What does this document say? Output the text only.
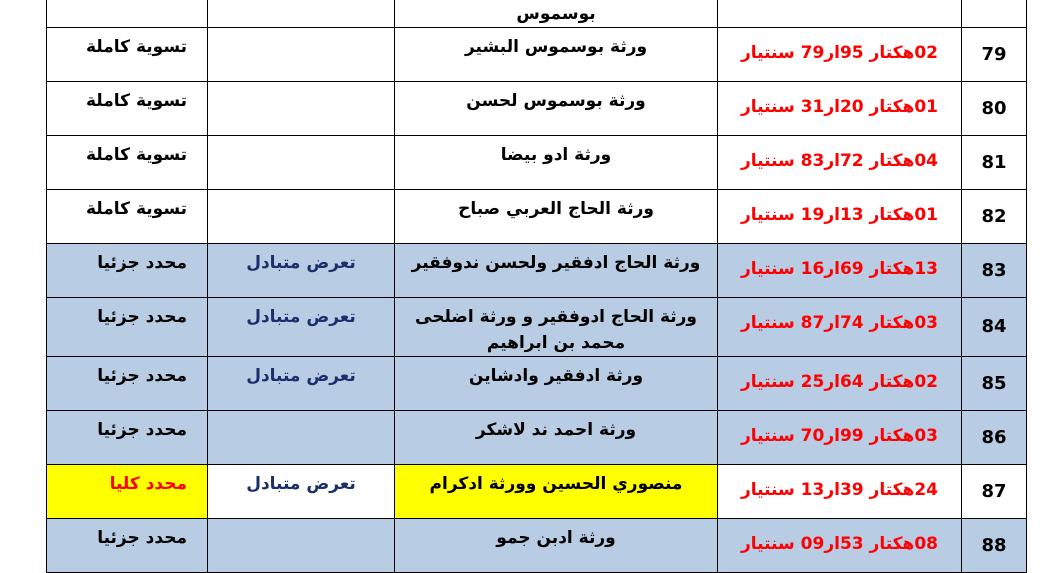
		بوسموس		
تسوية كاملة		ورثة بوسموس البشير	02هكتار 95ار79 سنتيار	79
تسوية كاملة		ورثة بوسموس لحسن	01هكتار 20ار31 سنتيار	80
تسوية كاملة		ورثة ادو بيضا	04هكتار 72ار83 سنتيار	81
تسوية كاملة		ورثة الحاج العربي صباح	01هكتار 13ار19 سنتيار	82
محدد جزئيا	تعرض متبادل	ورثة الحاج ادفقير ولحسن ندوفقير	13هكتار 69ار16 سنتيار	83
محدد جزئيا	تعرض متبادل	ورثة الحاج ادوفقير و ورثة اضلحى محمد بن ابراهيم	03هكتار 74ار87 سنتيار	84
محدد جزئيا	تعرض متبادل	ورثة ادفقير وادشاين	02هكتار 64ار25 سنتيار	85
محدد جزئيا		ورثة احمد ند لاشكر	03هكتار 99ار70 سنتيار	86
محدد كليا	تعرض متبادل	منصوري الحسين وورثة ادكرام	24هكتار 39ار13 سنتيار	87
محدد جزئيا		ورثة ادبن جمو	08هكتار 53ار09 سنتيار	88
